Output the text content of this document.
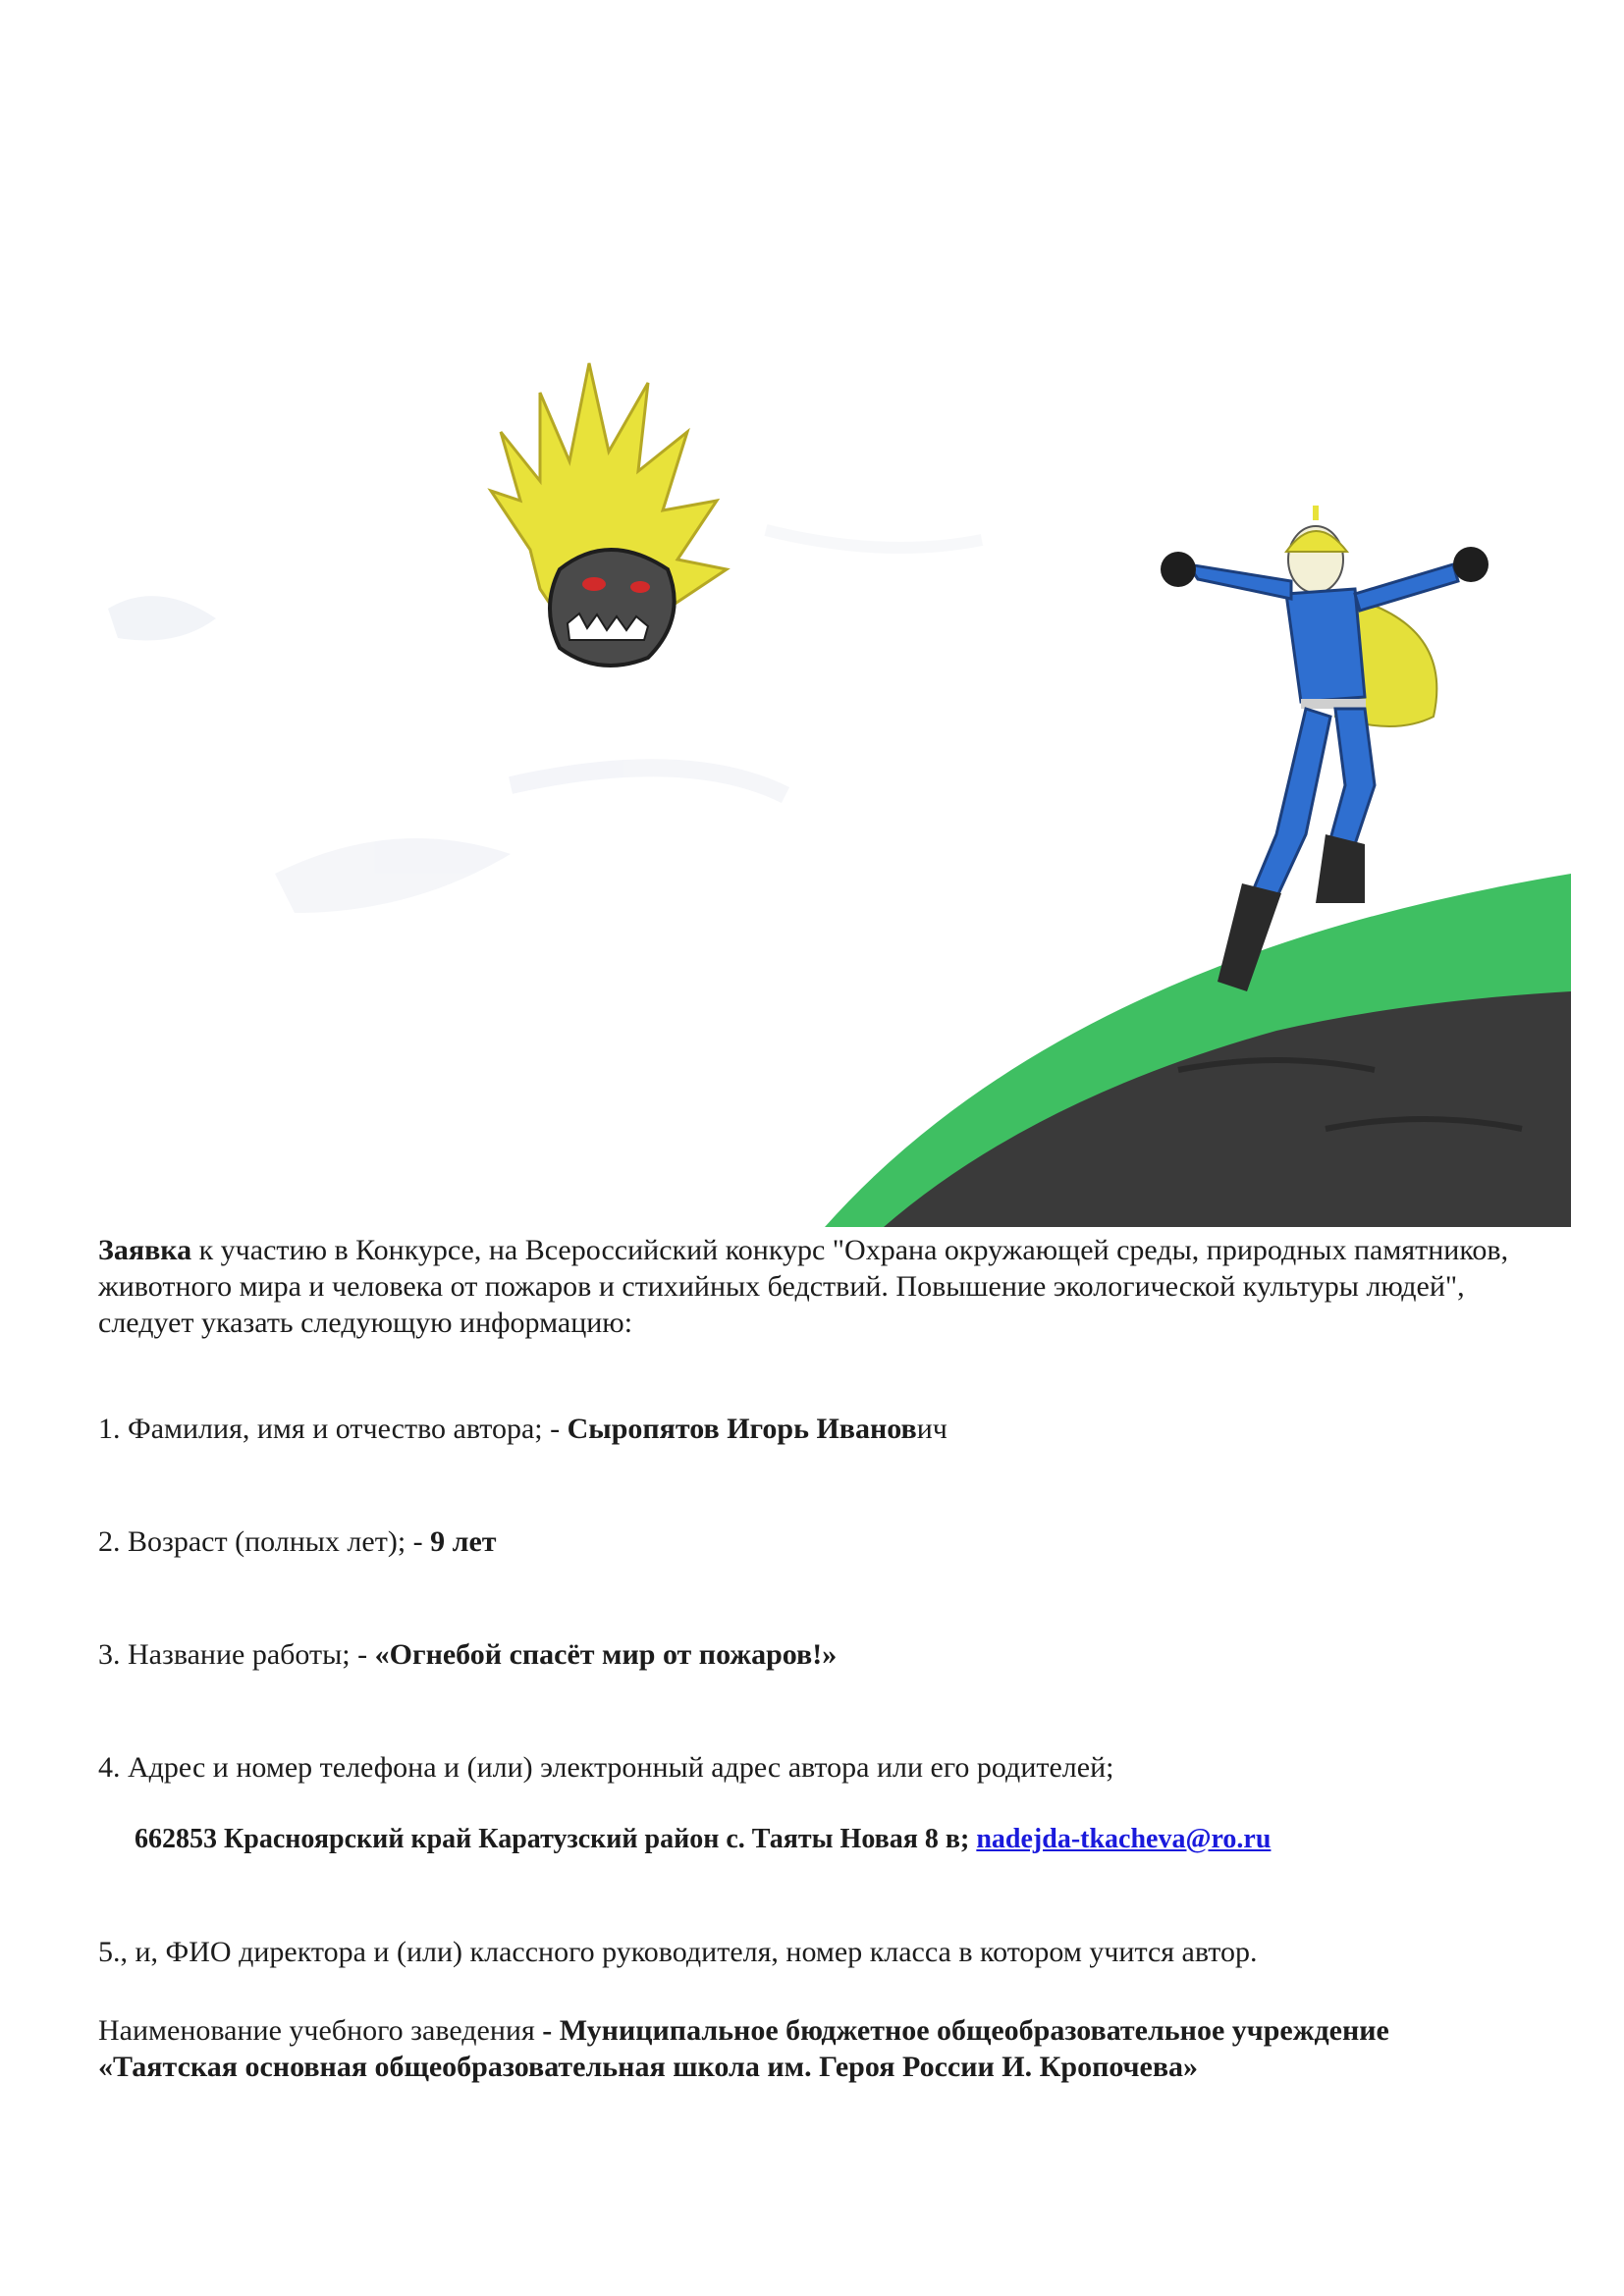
Заявка к участию в Конкурсе, на Всероссийский конкурс "Охрана окружающей среды, природных памятников, животного мира и человека от пожаров и стихийных бедствий. Повышение экологической культуры людей", следует указать следующую информацию:
1. Фамилия, имя и отчество автора; - Сыропятов Игорь Иванович
2. Возраст (полных лет); - 9 лет
3. Название работы; - «Огнебой спасёт мир от пожаров!»
4. Адрес и номер телефона и (или) электронный адрес автора или его родителей;
662853 Красноярский край Каратузский район с. Таяты Новая 8 в; nadejda-tkacheva@ro.ru
5., и, ФИО директора и (или) классного руководителя, номер класса в котором учится автор.
Наименование учебного заведения - Муниципальное бюджетное общеобразовательное учреждение
«Таятская основная общеобразовательная школа им. Героя России И. Кропочева»
